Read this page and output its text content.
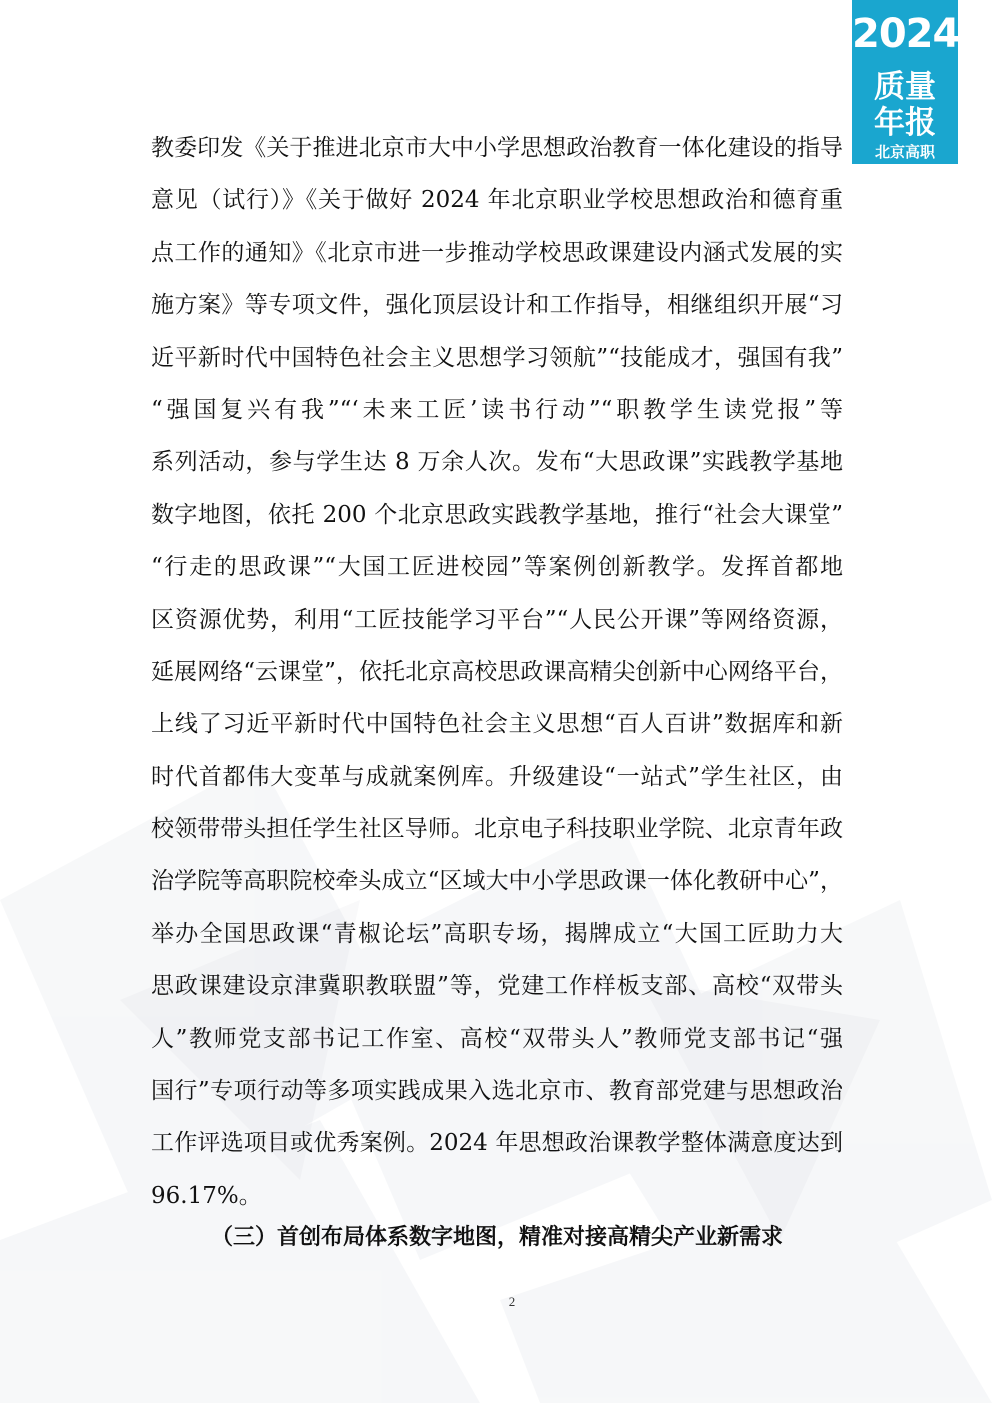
2024
质量
年报
北京高职
教委印发《关于推进北京市大中小学思想政治教育一体化建设的指导
意见（试行）》《关于做好 2024 年北京职业学校思想政治和德育重
点工作的通知》《北京市进一步推动学校思政课建设内涵式发展的实
施方案》等专项文件，强化顶层设计和工作指导，相继组织开展“习
近平新时代中国特色社会主义思想学习领航”“技能成才，强国有我”
“强国复兴有我”“‘未来工匠’读书行动”“职教学生读党报”等
系列活动，参与学生达 8 万余人次。发布“大思政课”实践教学基地
数字地图，依托 200 个北京思政实践教学基地，推行“社会大课堂”
“行走的思政课”“大国工匠进校园”等案例创新教学。发挥首都地
区资源优势，利用“工匠技能学习平台”“人民公开课”等网络资源，
延展网络“云课堂”，依托北京高校思政课高精尖创新中心网络平台，
上线了习近平新时代中国特色社会主义思想“百人百讲”数据库和新
时代首都伟大变革与成就案例库。升级建设“一站式”学生社区，由
校领带带头担任学生社区导师。北京电子科技职业学院、北京青年政
治学院等高职院校牵头成立“区域大中小学思政课一体化教研中心”，
举办全国思政课“青椒论坛”高职专场，揭牌成立“大国工匠助力大
思政课建设京津冀职教联盟”等，党建工作样板支部、高校“双带头
人”教师党支部书记工作室、高校“双带头人”教师党支部书记“强
国行”专项行动等多项实践成果入选北京市、教育部党建与思想政治
工作评选项目或优秀案例。2024 年思想政治课教学整体满意度达到
96.17%。
（三）首创布局体系数字地图，精准对接高精尖产业新需求
2
